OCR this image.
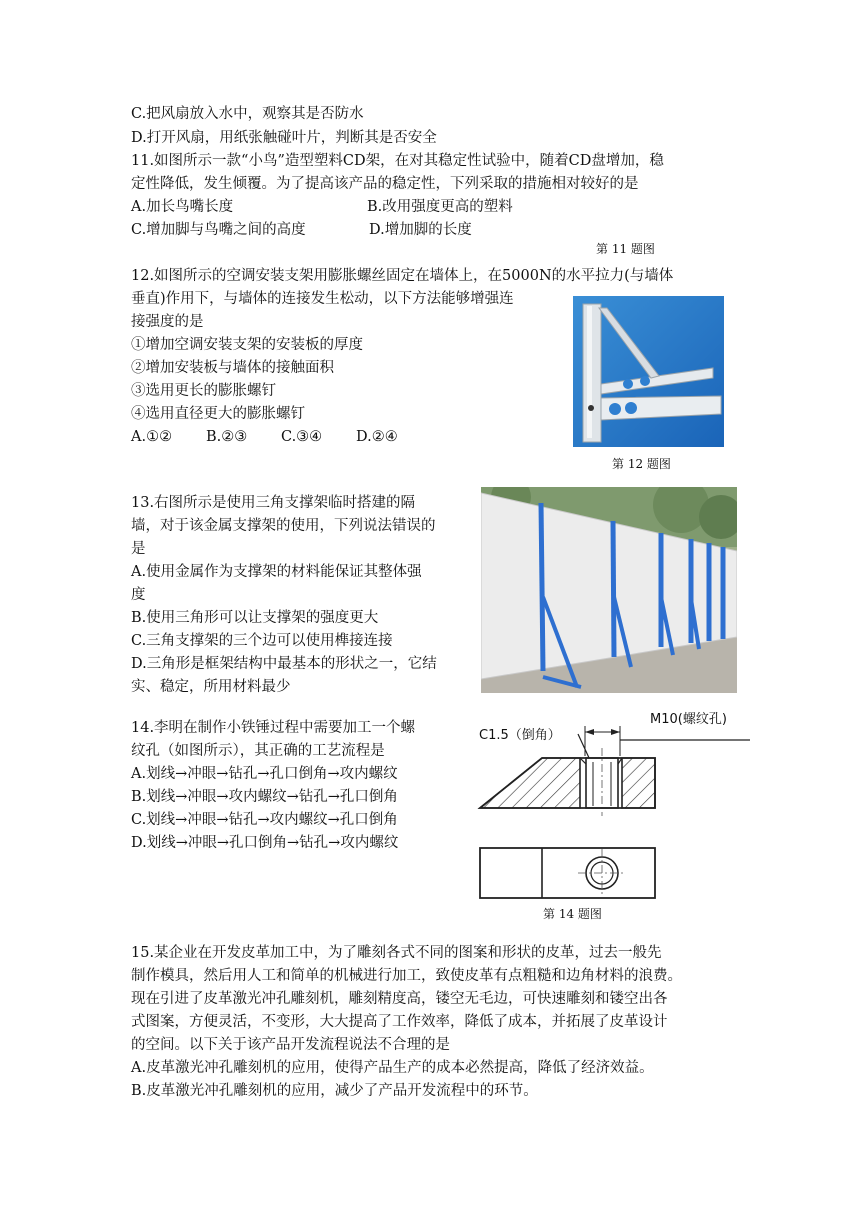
C.把风扇放入水中，观察其是否防水
D.打开风扇，用纸张触碰叶片，判断其是否安全
11.如图所示一款“小鸟”造型塑料CD架，在对其稳定性试验中，随着CD盘增加，稳
定性降低，发生倾覆。为了提高该产品的稳定性，下列采取的措施相对较好的是
A.加长鸟嘴长度	B.改用强度更高的塑料
C.增加脚与鸟嘴之间的高度	D.增加脚的长度
第 11 题图
12.如图所示的空调安装支架用膨胀螺丝固定在墙体上，在5000N的水平拉力(与墙体
垂直)作用下，与墙体的连接发生松动，以下方法能够增强连
接强度的是
①增加空调安装支架的安装板的厚度
②增加安装板与墙体的接触面积
③选用更长的膨胀螺钉
④选用直径更大的膨胀螺钉
A.①② B.②③ C.③④ D.②④
第 12 题图
13.右图所示是使用三角支撑架临时搭建的隔
墙，对于该金属支撑架的使用，下列说法错误的
是
A.使用金属作为支撑架的材料能保证其整体强
度
B.使用三角形可以让支撑架的强度更大
C.三角支撑架的三个边可以使用榫接连接
D.三角形是框架结构中最基本的形状之一，它结
实、稳定，所用材料最少
14.李明在制作小铁锤过程中需要加工一个螺
纹孔（如图所示），其正确的工艺流程是
A.划线→冲眼→钻孔→孔口倒角→攻内螺纹
B.划线→冲眼→攻内螺纹→钻孔→孔口倒角
C.划线→冲眼→钻孔→攻内螺纹→孔口倒角
D.划线→冲眼→孔口倒角→钻孔→攻内螺纹
C1.5（倒角）
M10(螺纹孔)
第 14 题图
15.某企业在开发皮革加工中，为了雕刻各式不同的图案和形状的皮革，过去一般先
制作模具，然后用人工和简单的机械进行加工，致使皮革有点粗糙和边角材料的浪费。
现在引进了皮革激光冲孔雕刻机，雕刻精度高，镂空无毛边，可快速雕刻和镂空出各
式图案，方便灵活，不变形，大大提高了工作效率，降低了成本，并拓展了皮革设计
的空间。以下关于该产品开发流程说法不合理的是
A.皮革激光冲孔雕刻机的应用，使得产品生产的成本必然提高，降低了经济效益。
B.皮革激光冲孔雕刻机的应用，减少了产品开发流程中的环节。
